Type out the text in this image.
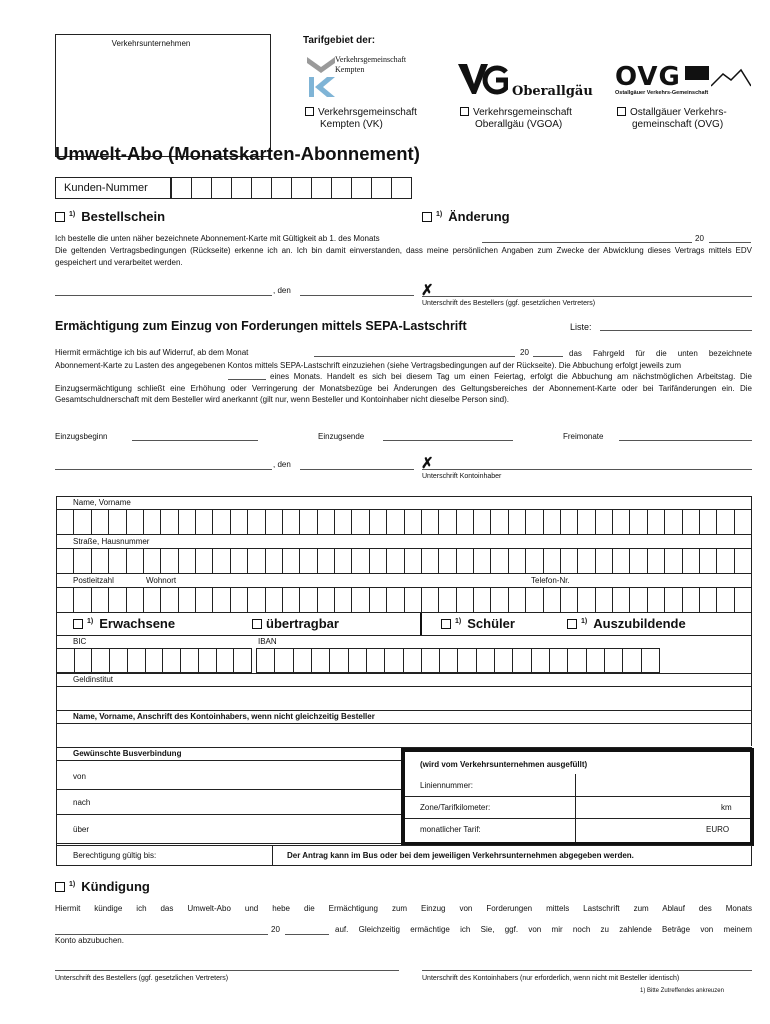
Verkehrsunternehmen	Tarifgebiet der:
Verkehrsgemeinschaft Kempten
Oberallgäu OVG
Ostallgäuer Verkehrs-Gemeinschaft
Verkehrsgemeinschaft
Kempten (VK)
Verkehrsgemeinschaft
Oberallgäu (VGOA)
Ostallgäuer Verkehrs-
gemeinschaft (OVG)
Umwelt-Abo (Monatskarten-Abonnement)
Kunden-Nummer
$^{1)}$ Bestellschein	$^{1)}$ Änderung
Ich bestelle die unten näher bezeichnete Abonnement-Karte mit Gültigkeit ab 1. des Monats	20
Die geltenden Vertragsbedingungen (Rückseite) erkenne ich an. Ich bin damit einverstanden, dass meine persönlichen Angaben zum Zwecke der Abwicklung dieses Vertrags mittels EDV gespeichert und verarbeitet werden.
, den	✗
Unterschrift des Bestellers (ggf. gesetzlichen Vertreters)
Ermächtigung zum Einzug von Forderungen mittels SEPA-Lastschrift	Liste:
Hiermit ermächtige ich bis auf Widerruf, ab dem Monat	20	das Fahrgeld für die unten bezeichnete Abonnement-Karte zu Lasten des angegebenen Kontos mittels SEPA-Lastschrift einzuziehen (siehe Vertragsbedingungen auf der Rückseite). Die Abbuchung erfolgt jeweils zum
eines Monats. Handelt es sich bei diesem Tag um einen Feiertag, erfolgt die Abbuchung am nächstmöglichen Arbeitstag. Die Einzugsermächtigung schließt eine Erhöhung oder Verringerung der Monatsbezüge bei Änderungen des Geltungsbereiches der Abonnement-Karte oder bei Tarifänderungen ein. Die Gesamtschuldnerschaft mit dem Besteller wird anerkannt (gilt nur, wenn Besteller und Kontoinhaber nicht dieselbe Person sind).
Einzugsbeginn	Einzugsende	Freimonate
, den	✗
Unterschrift Kontoinhaber
Name, Vorname
Straße, Hausnummer
Postleitzahl	Wohnort	Telefon-Nr.
$^{1)}$ Erwachsene	übertragbar	$^{1)}$ Schüler	$^{1)}$ Auszubildende
BIC	IBAN
Geldinstitut
Name, Vorname, Anschrift des Kontoinhabers, wenn nicht gleichzeitig Besteller
Gewünschte Busverbindung
von
nach
über
(wird vom Verkehrsunternehmen ausgefüllt)
Liniennummer:
Zone/Tarifkilometer:	km
monatlicher Tarif:	EURO
Berechtigung gültig bis:	Der Antrag kann im Bus oder bei dem jeweiligen Verkehrsunternehmen abgegeben werden.
$^{1)}$ Kündigung
Hiermit kündige ich das Umwelt-Abo und hebe die Ermächtigung zum Einzug von Forderungen mittels Lastschrift zum Ablauf des Monats
20	auf. Gleichzeitig ermächtige ich Sie, ggf. von mir noch zu zahlende Beträge von meinem
Konto abzubuchen.
Unterschrift des Bestellers (ggf. gesetzlichen Vertreters)	Unterschrift des Kontoinhabers (nur erforderlich, wenn nicht mit Besteller identisch)
1) Bitte Zutreffendes ankreuzen
